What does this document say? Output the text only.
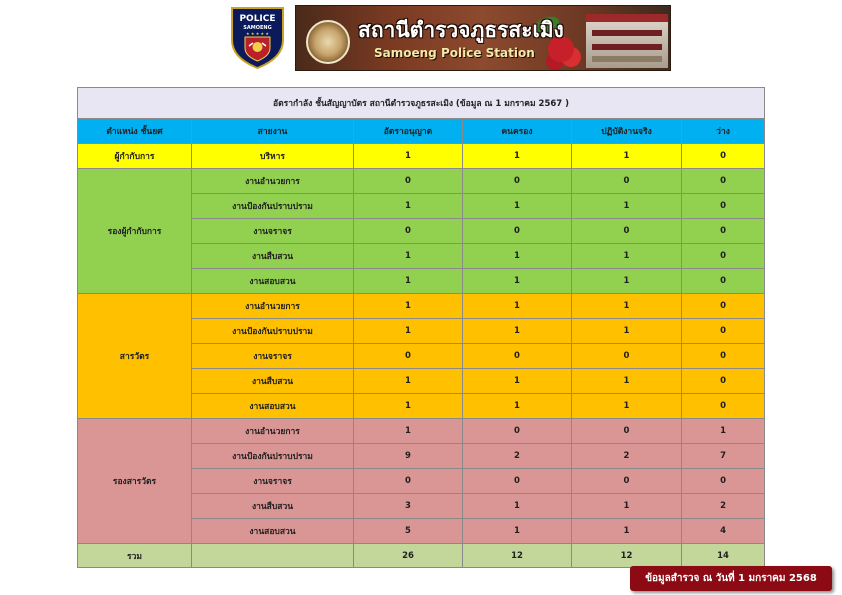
POLICE
SAMOENG
★ ★ ★ ★ ★	สถานีตำรวจภูธรสะเมิง
Samoeng Police Station
อัตรากำลัง ชั้นสัญญาบัตร สถานีตำรวจภูธรสะเมิง (ข้อมูล ณ 1 มกราคม 2567 )					
ตำแหน่ง ชั้นยศ	สายงาน	อัตราอนุญาต	คนครอง	ปฏิบัติงานจริง	ว่าง
ผู้กำกับการ	บริหาร	1	1	1	0
รองผู้กำกับการ	งานอำนวยการ	0	0	0	0
	งานป้องกันปราบปราม	1	1	1	0
	งานจราจร	0	0	0	0
	งานสืบสวน	1	1	1	0
	งานสอบสวน	1	1	1	0
สารวัตร	งานอำนวยการ	1	1	1	0
	งานป้องกันปราบปราม	1	1	1	0
	งานจราจร	0	0	0	0
	งานสืบสวน	1	1	1	0
	งานสอบสวน	1	1	1	0
รองสารวัตร	งานอำนวยการ	1	0	0	1
	งานป้องกันปราบปราม	9	2	2	7
	งานจราจร	0	0	0	0
	งานสืบสวน	3	1	1	2
	งานสอบสวน	5	1	1	4
รวม		26	12	12	14
ข้อมูลสำรวจ ณ วันที่ 1 มกราคม 2568
